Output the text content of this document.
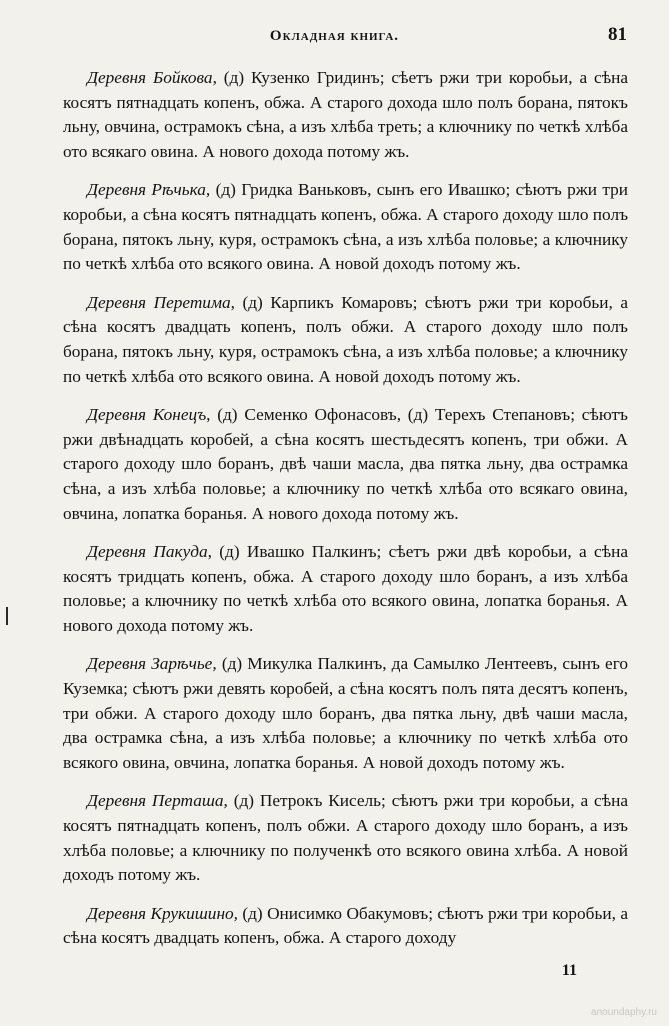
Окладная книга.	81

Деревня Бойкова, (д) Кузенко Гридинъ; сѣетъ ржи три коробьи, а сѣна косятъ пятнадцать копенъ, обжа. А старого дохода шло полъ борана, пятокъ льну, овчина, острамокъ сѣна, а изъ хлѣба треть; а ключнику по четкѣ хлѣба ото всякаго овина. А нового дохода потому жъ.

Деревня Рѣчька, (д) Гридка Ваньковъ, сынъ его Ивашко; сѣютъ ржи три коробьи, а сѣна косятъ пятнадцать копенъ, обжа. А старого доходу шло полъ борана, пятокъ льну, куря, острамокъ сѣна, а изъ хлѣба половье; а ключнику по четкѣ хлѣба ото всякого овина. А новой доходъ потому жъ.

Деревня Перетима, (д) Карпикъ Комаровъ; сѣютъ ржи три коробьи, а сѣна косятъ двадцать копенъ, полъ обжи. А старого доходу шло полъ борана, пятокъ льну, куря, острамокъ сѣна, а изъ хлѣба половье; а ключнику по четкѣ хлѣба ото всякого овина. А новой доходъ потому жъ.

Деревня Конецъ, (д) Семенко Офонасовъ, (д) Терехъ Степановъ; сѣютъ ржи двѣнадцать коробей, а сѣна косятъ шестьдесятъ копенъ, три обжи. А старого доходу шло боранъ, двѣ чаши масла, два пятка льну, два острамка сѣна, а изъ хлѣба половье; а ключнику по четкѣ хлѣба ото всякаго овина, овчина, лопатка боранья. А нового дохода потому жъ.

Деревня Пакуда, (д) Ивашко Палкинъ; сѣетъ ржи двѣ коробьи, а сѣна косятъ тридцать копенъ, обжа. А старого доходу шло боранъ, а изъ хлѣба половье; а ключнику по четкѣ хлѣба ото всякого овина, лопатка боранья. А нового дохода потому жъ.

Деревня Зарѣчье, (д) Микулка Палкинъ, да Самылко Лентеевъ, сынъ его Куземка; сѣютъ ржи девять коробей, а сѣна косятъ полъ пята десятъ копенъ, три обжи. А старого доходу шло боранъ, два пятка льну, двѣ чаши масла, два острамка сѣна, а изъ хлѣба половье; а ключнику по четкѣ хлѣба ото всякого овина, овчина, лопатка боранья. А новой доходъ потому жъ.

Деревня Перташа, (д) Петрокъ Кисель; сѣютъ ржи три коробьи, а сѣна косятъ пятнадцать копенъ, полъ обжи. А старого доходу шло боранъ, а изъ хлѣба половье; а ключнику по полученкѣ ото всякого овина хлѣба. А новой доходъ потому жъ.

Деревня Крукишино, (д) Онисимко Обакумовъ; сѣютъ ржи три коробьи, а сѣна косятъ двадцать копенъ, обжа. А старого доходу

11
anoundaphy.ru
